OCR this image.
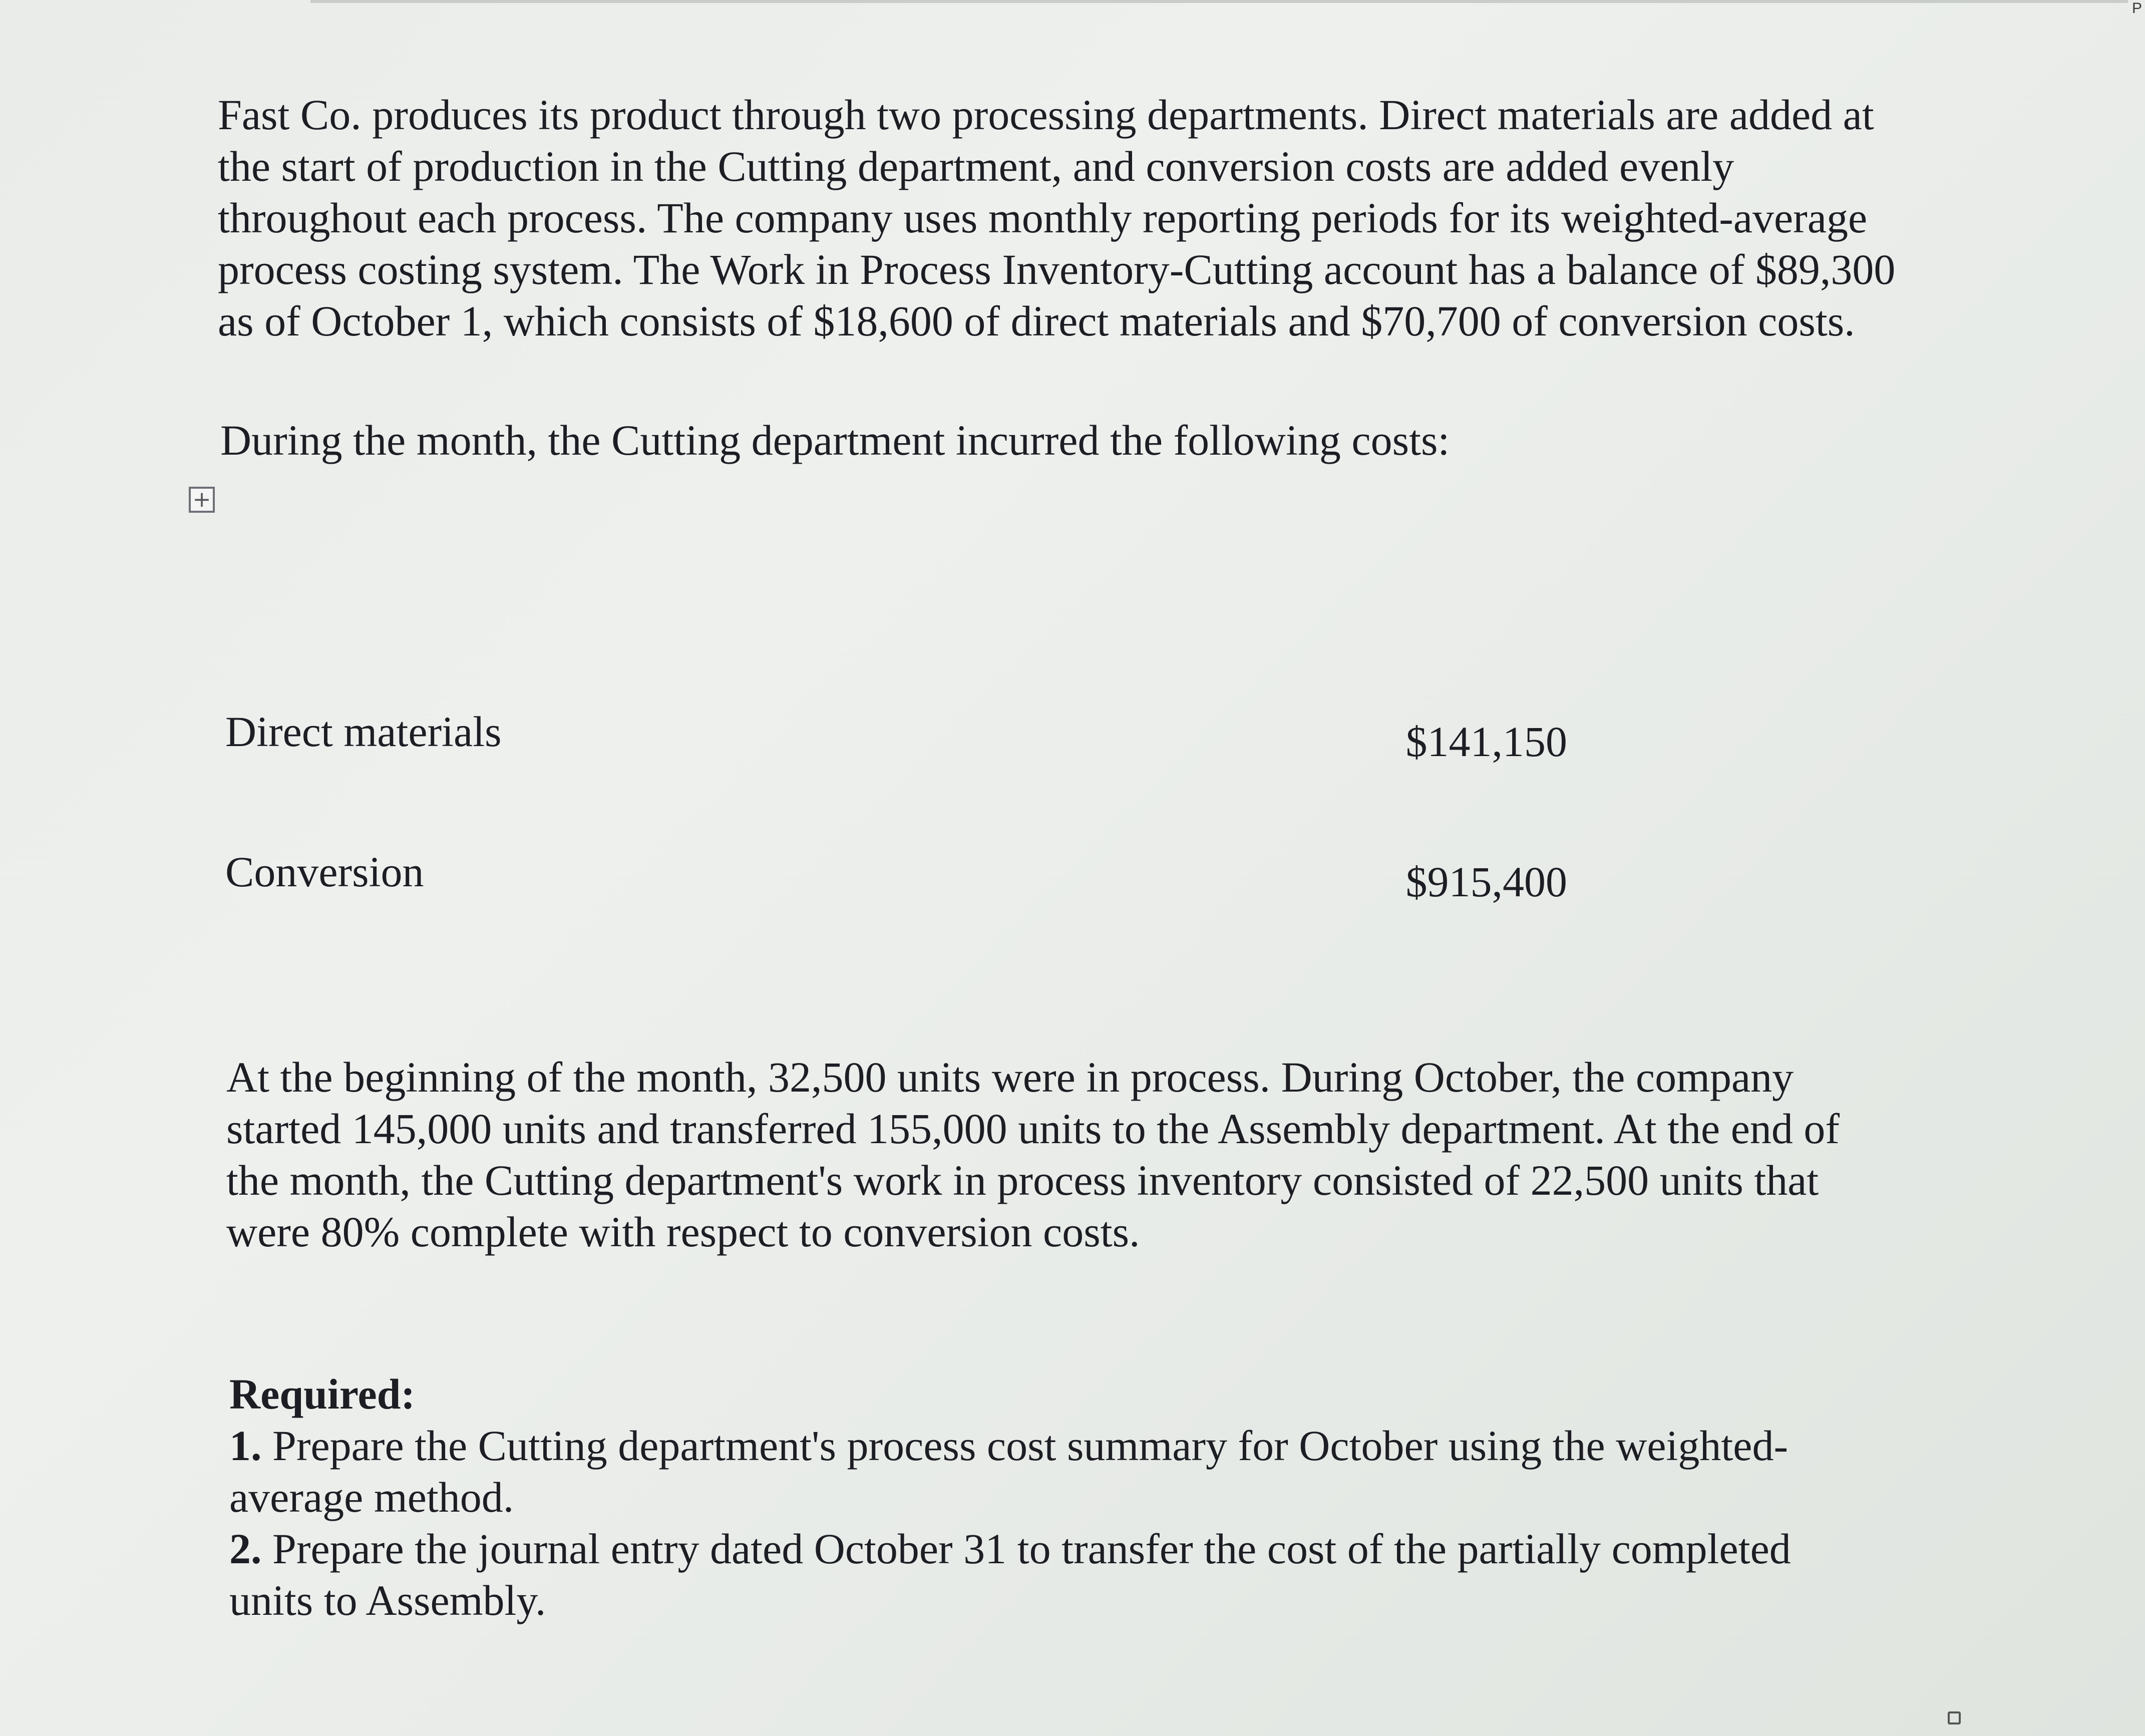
P

Fast Co. produces its product through two processing departments. Direct materials are added at
the start of production in the Cutting department, and conversion costs are added evenly
throughout each process. The company uses monthly reporting periods for its weighted-average
process costing system. The Work in Process Inventory-Cutting account has a balance of $89,300
as of October 1, which consists of $18,600 of direct materials and $70,700 of conversion costs.

During the month, the Cutting department incurred the following costs:

+
Direct materials	$141,150
Conversion	$915,400

At the beginning of the month, 32,500 units were in process. During October, the company
started 145,000 units and transferred 155,000 units to the Assembly department. At the end of
the month, the Cutting department's work in process inventory consisted of 22,500 units that
were 80% complete with respect to conversion costs.

Required:
1. Prepare the Cutting department's process cost summary for October using the weighted-
average method.
2. Prepare the journal entry dated October 31 to transfer the cost of the partially completed
units to Assembly.
